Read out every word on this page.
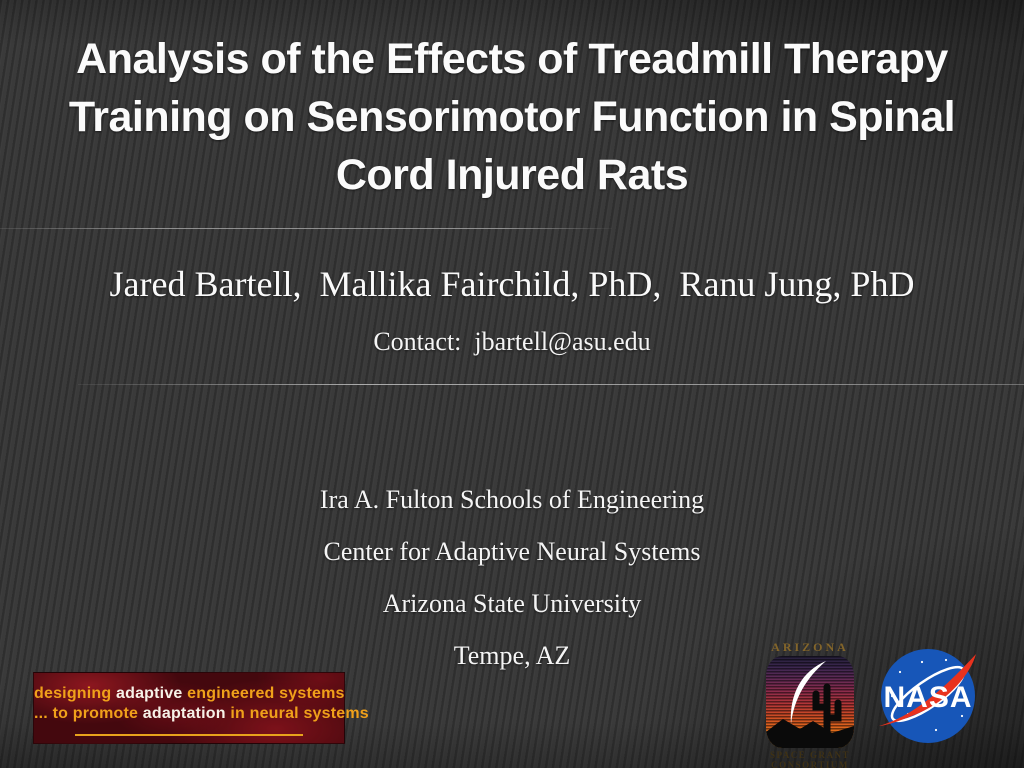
Analysis of the Effects of Treadmill Therapy
Training on Sensorimotor Function in Spinal
Cord Injured Rats
Jared Bartell,  Mallika Fairchild, PhD,  Ranu Jung, PhD
Contact:  jbartell@asu.edu
Ira A. Fulton Schools of Engineering
Center for Adaptive Neural Systems
Arizona State University
Tempe, AZ
designing adaptive engineered systems
... to promote adaptation in neural systems
ARIZONA
SPACE GRANT
CONSORTIUM
NASA
